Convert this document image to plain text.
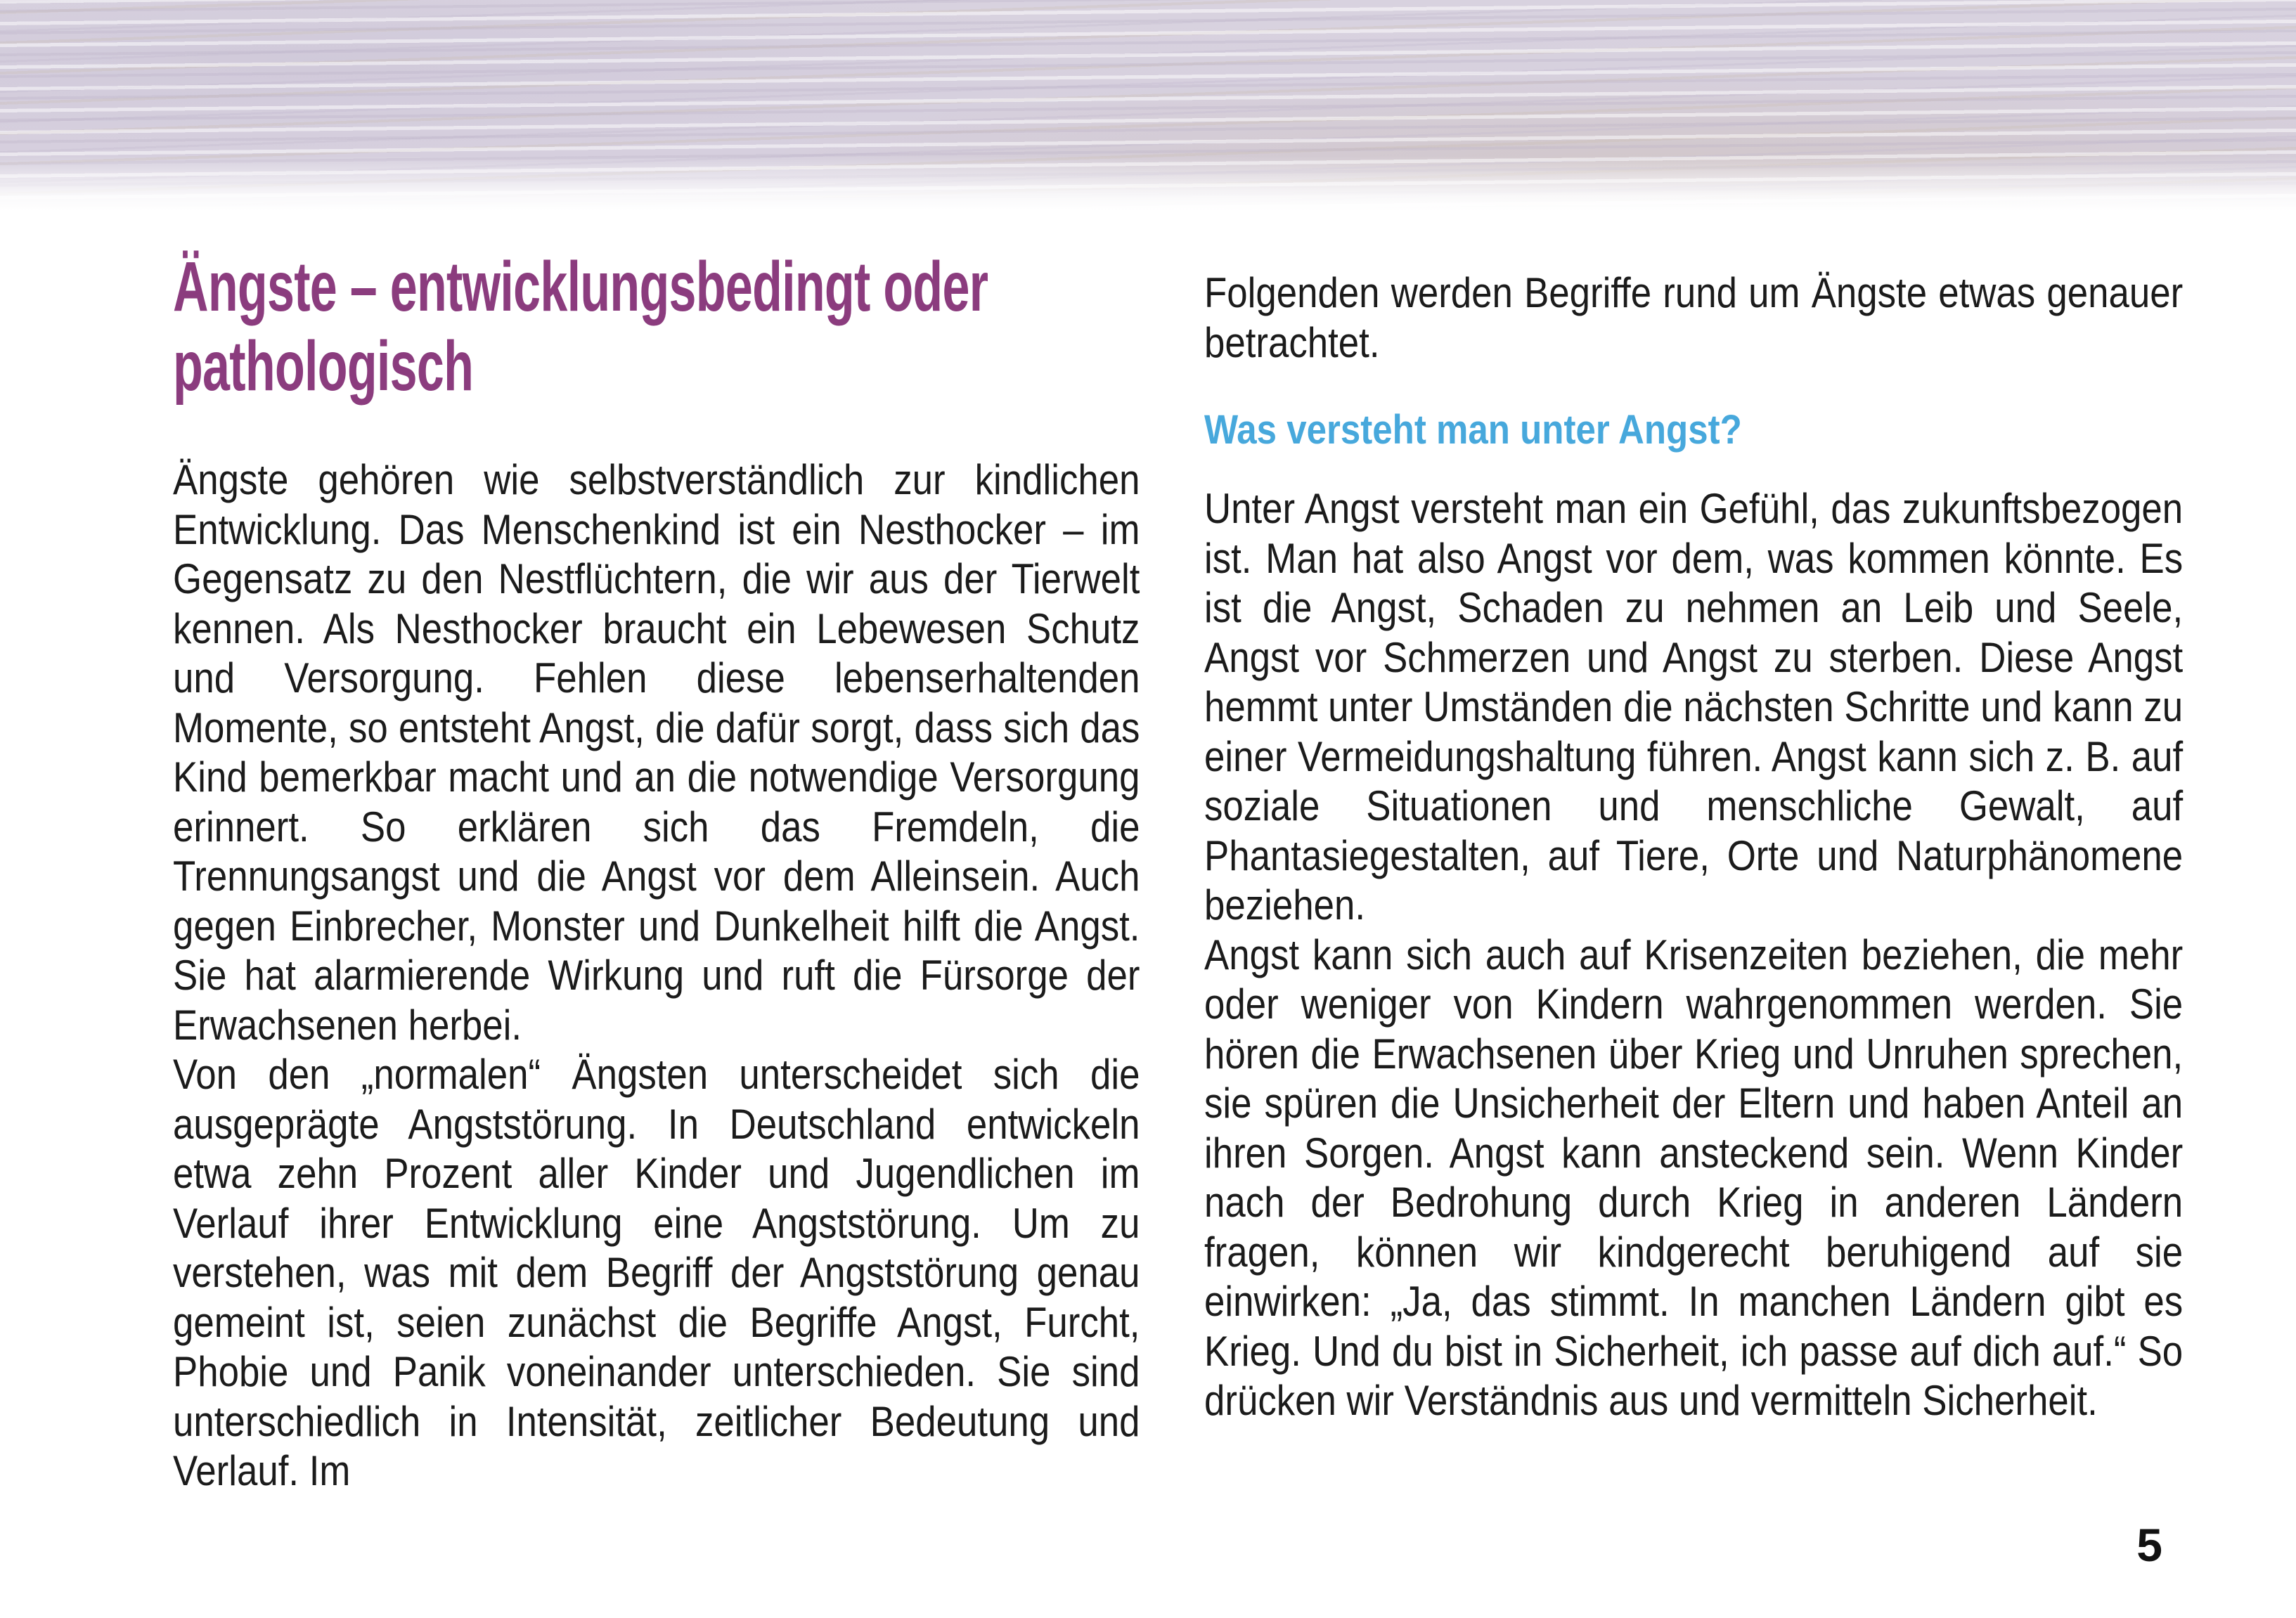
Ängste – entwicklungsbedingt oder pathologisch

Ängste gehören wie selbstverständlich zur kindlichen Entwicklung. Das Menschenkind ist ein Nesthocker – im Gegensatz zu den Nestflüchtern, die wir aus der Tierwelt kennen. Als Nesthocker braucht ein Lebewesen Schutz und Versorgung. Fehlen diese lebenserhaltenden Momente, so entsteht Angst, die dafür sorgt, dass sich das Kind bemerkbar macht und an die notwendige Versorgung erinnert. So erklären sich das Fremdeln, die Trennungsangst und die Angst vor dem Alleinsein. Auch gegen Einbrecher, Monster und Dunkelheit hilft die Angst. Sie hat alarmierende Wirkung und ruft die Fürsorge der Erwachsenen herbei.

Von den „normalen“ Ängsten unterscheidet sich die ausgeprägte Angststörung. In Deutschland entwickeln etwa zehn Prozent aller Kinder und Jugendlichen im Verlauf ihrer Entwicklung eine Angststörung. Um zu verstehen, was mit dem Begriff der Angststörung genau gemeint ist, seien zunächst die Begriffe Angst, Furcht, Phobie und Panik voneinander unterschieden. Sie sind unterschiedlich in Intensität, zeitlicher Bedeutung und Verlauf. Im

Folgenden werden Begriffe rund um Ängste etwas genauer betrachtet.

Was versteht man unter Angst?

Unter Angst versteht man ein Gefühl, das zukunftsbezogen ist. Man hat also Angst vor dem, was kommen könnte. Es ist die Angst, Schaden zu nehmen an Leib und Seele, Angst vor Schmerzen und Angst zu sterben. Diese Angst hemmt unter Umständen die nächsten Schritte und kann zu einer Vermeidungshaltung führen. Angst kann sich z. B. auf soziale Situationen und menschliche Gewalt, auf Phantasiegestalten, auf Tiere, Orte und Naturphänomene beziehen.

Angst kann sich auch auf Krisenzeiten beziehen, die mehr oder weniger von Kindern wahrgenommen werden. Sie hören die Erwachsenen über Krieg und Unruhen sprechen, sie spüren die Unsicherheit der Eltern und haben Anteil an ihren Sorgen. Angst kann ansteckend sein. Wenn Kinder nach der Bedrohung durch Krieg in anderen Ländern fragen, können wir kindgerecht beruhigend auf sie einwirken: „Ja, das stimmt. In manchen Ländern gibt es Krieg. Und du bist in Sicherheit, ich passe auf dich auf.“ So drücken wir Verständnis aus und vermitteln Sicherheit.

5
